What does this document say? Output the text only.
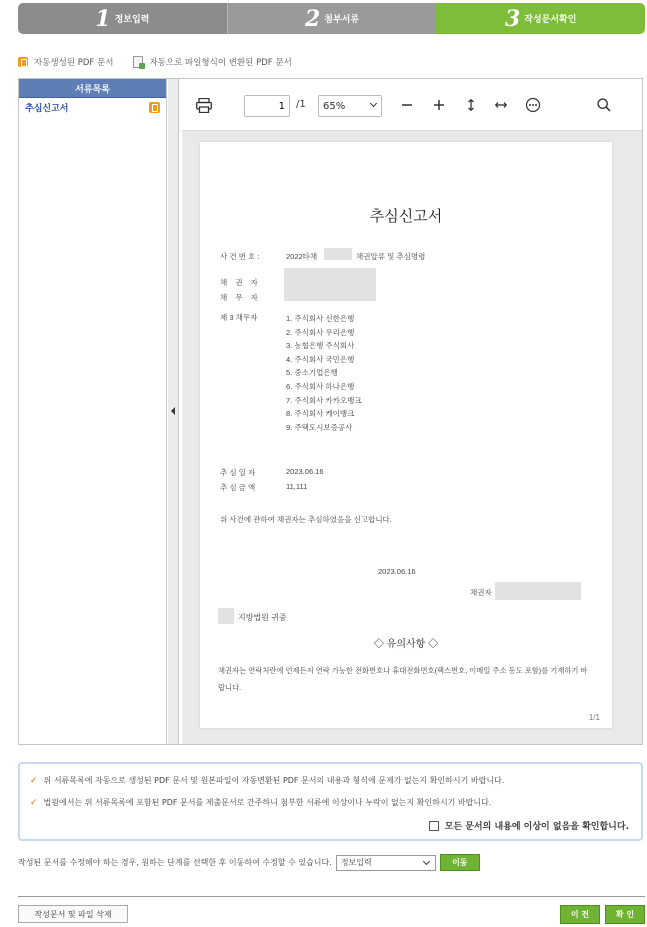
1 정보입력	2 첨부서류	3 작성문서확인
자동생성된 PDF 문서	자동으로 파일형식이 변환된 PDF 문서
서류목록
추심신고서
1	/1 65%
추심신고서
사 건 번 호 :	2022타채	채권압류 및 추심명령
채 권 자
채 무 자
제 3 채무자	1. 주식회사 신한은행
2. 주식회사 우리은행
3. 농협은행 주식회사
4. 주식회사 국민은행
5. 중소기업은행
6. 주식회사 하나은행
7. 주식회사 카카오뱅크
8. 주식회사 케이뱅크
9. 주택도시보증공사
추 심 일 자	2023.06.16
추 심 금 액	11,111
위 사건에 관하여 채권자는 추심하였음을 신고합니다.
2023.06.16
채권자
지방법원 귀중
◇ 유의사항 ◇
채권자는 연락처란에 언제든지 연락 가능한 전화번호나 휴대전화번호(팩스번호, 이메일 주소 등도 포함)를 기재하기 바랍니다.
1/1
✓ 위 서류목록에 자동으로 생성된 PDF 문서 및 원본파일이 자동변환된 PDF 문서의 내용과 형식에 문제가 없는지 확인하시기 바랍니다.
✓ 법원에서는 위 서류목록에 포함된 PDF 문서를 제출문서로 간주하니 첨부한 서류에 이상이나 누락이 없는지 확인하시기 바랍니다.
모든 문서의 내용에 이상이 없음을 확인합니다.
작성된 문서를 수정해야 하는 경우, 원하는 단계를 선택한 후 이동하여 수정할 수 있습니다. 정보입력	이동
작성문서 및 파일 삭제	이 전	확 인
